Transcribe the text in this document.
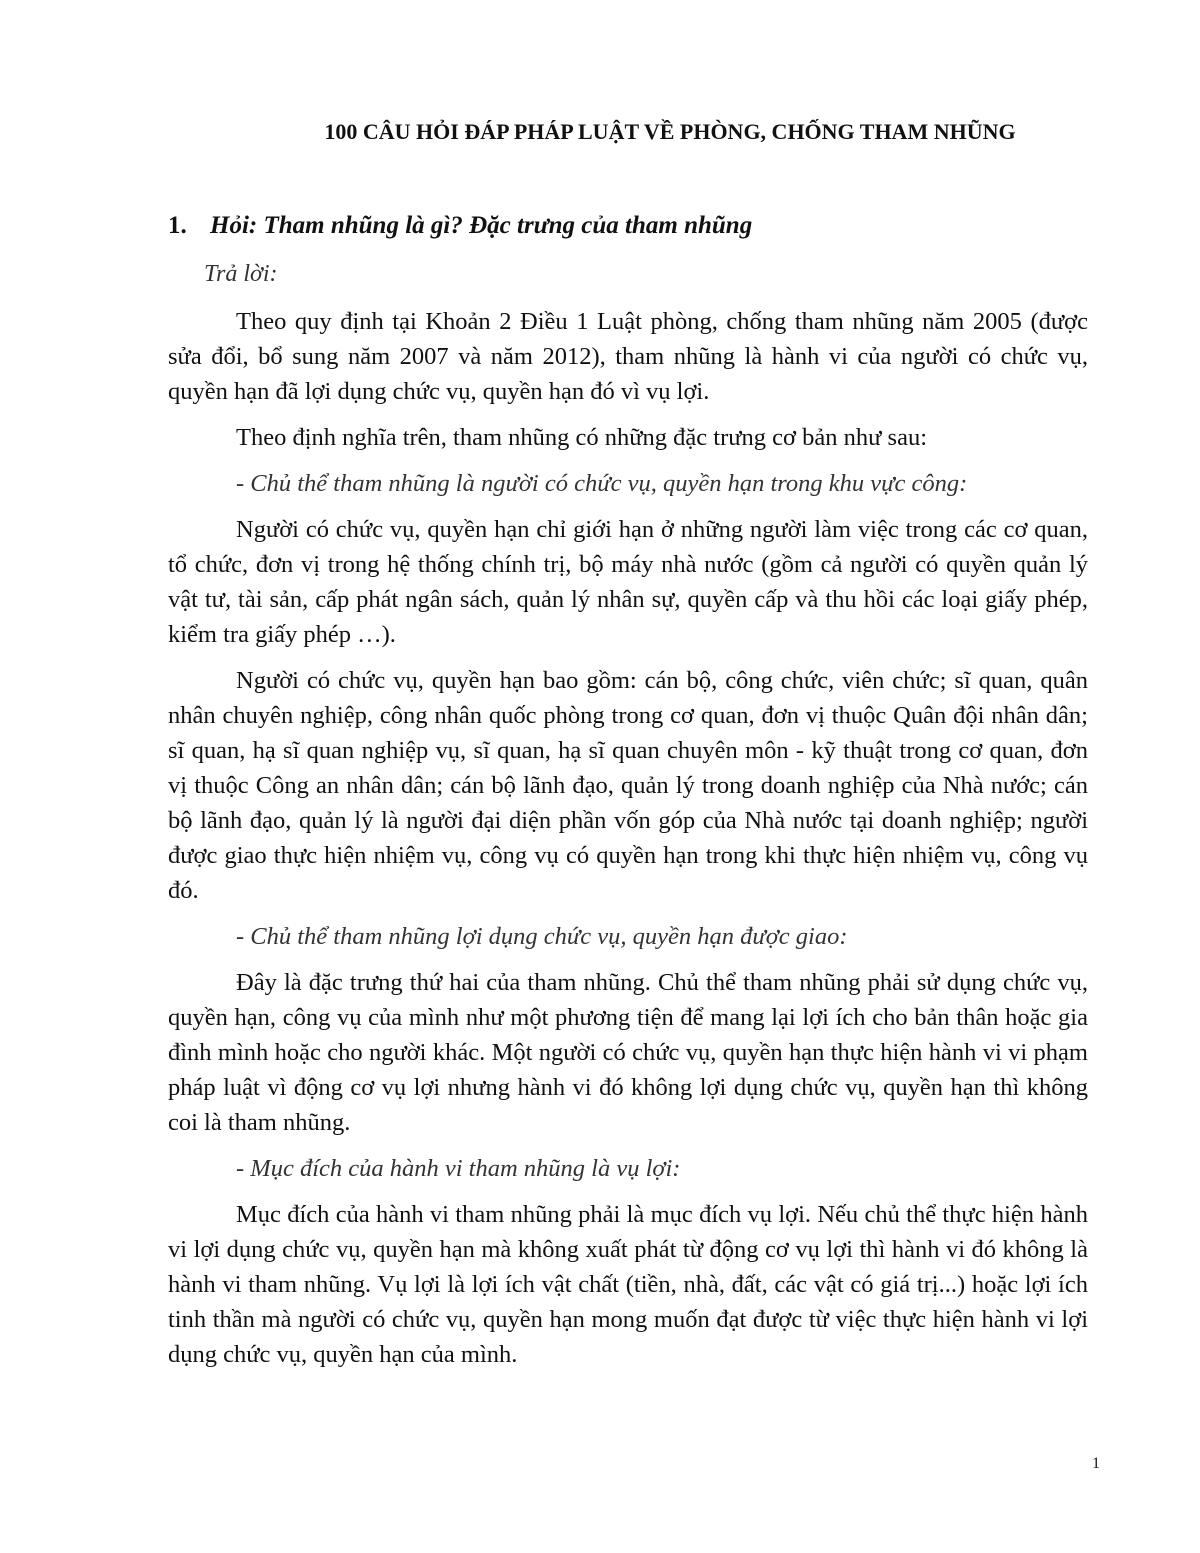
100 CÂU HỎI ĐÁP PHÁP LUẬT VỀ PHÒNG, CHỐNG THAM NHŨNG
1. Hỏi: Tham nhũng là gì? Đặc trưng của tham nhũng

Trả lời:

Theo quy định tại Khoản 2 Điều 1 Luật phòng, chống tham nhũng năm 2005 (được sửa đổi, bổ sung năm 2007 và năm 2012), tham nhũng là hành vi của người có chức vụ, quyền hạn đã lợi dụng chức vụ, quyền hạn đó vì vụ lợi.

Theo định nghĩa trên, tham nhũng có những đặc trưng cơ bản như sau:

- Chủ thể tham nhũng là người có chức vụ, quyền hạn trong khu vực công:

Người có chức vụ, quyền hạn chỉ giới hạn ở những người làm việc trong các cơ quan, tổ chức, đơn vị trong hệ thống chính trị, bộ máy nhà nước (gồm cả người có quyền quản lý vật tư, tài sản, cấp phát ngân sách, quản lý nhân sự, quyền cấp và thu hồi các loại giấy phép, kiểm tra giấy phép …).

Người có chức vụ, quyền hạn bao gồm: cán bộ, công chức, viên chức; sĩ quan, quân nhân chuyên nghiệp, công nhân quốc phòng trong cơ quan, đơn vị thuộc Quân đội nhân dân; sĩ quan, hạ sĩ quan nghiệp vụ, sĩ quan, hạ sĩ quan chuyên môn - kỹ thuật trong cơ quan, đơn vị thuộc Công an nhân dân; cán bộ lãnh đạo, quản lý trong doanh nghiệp của Nhà nước; cán bộ lãnh đạo, quản lý là người đại diện phần vốn góp của Nhà nước tại doanh nghiệp; người được giao thực hiện nhiệm vụ, công vụ có quyền hạn trong khi thực hiện nhiệm vụ, công vụ đó.

- Chủ thể tham nhũng lợi dụng chức vụ, quyền hạn được giao:

Đây là đặc trưng thứ hai của tham nhũng. Chủ thể tham nhũng phải sử dụng chức vụ, quyền hạn, công vụ của mình như một phương tiện để mang lại lợi ích cho bản thân hoặc gia đình mình hoặc cho người khác. Một người có chức vụ, quyền hạn thực hiện hành vi vi phạm pháp luật vì động cơ vụ lợi nhưng hành vi đó không lợi dụng chức vụ, quyền hạn thì không coi là tham nhũng.

- Mục đích của hành vi tham nhũng là vụ lợi:

Mục đích của hành vi tham nhũng phải là mục đích vụ lợi. Nếu chủ thể thực hiện hành vi lợi dụng chức vụ, quyền hạn mà không xuất phát từ động cơ vụ lợi thì hành vi đó không là hành vi tham nhũng. Vụ lợi là lợi ích vật chất (tiền, nhà, đất, các vật có giá trị...) hoặc lợi ích tinh thần mà người có chức vụ, quyền hạn mong muốn đạt được từ việc thực hiện hành vi lợi dụng chức vụ, quyền hạn của mình.

1
